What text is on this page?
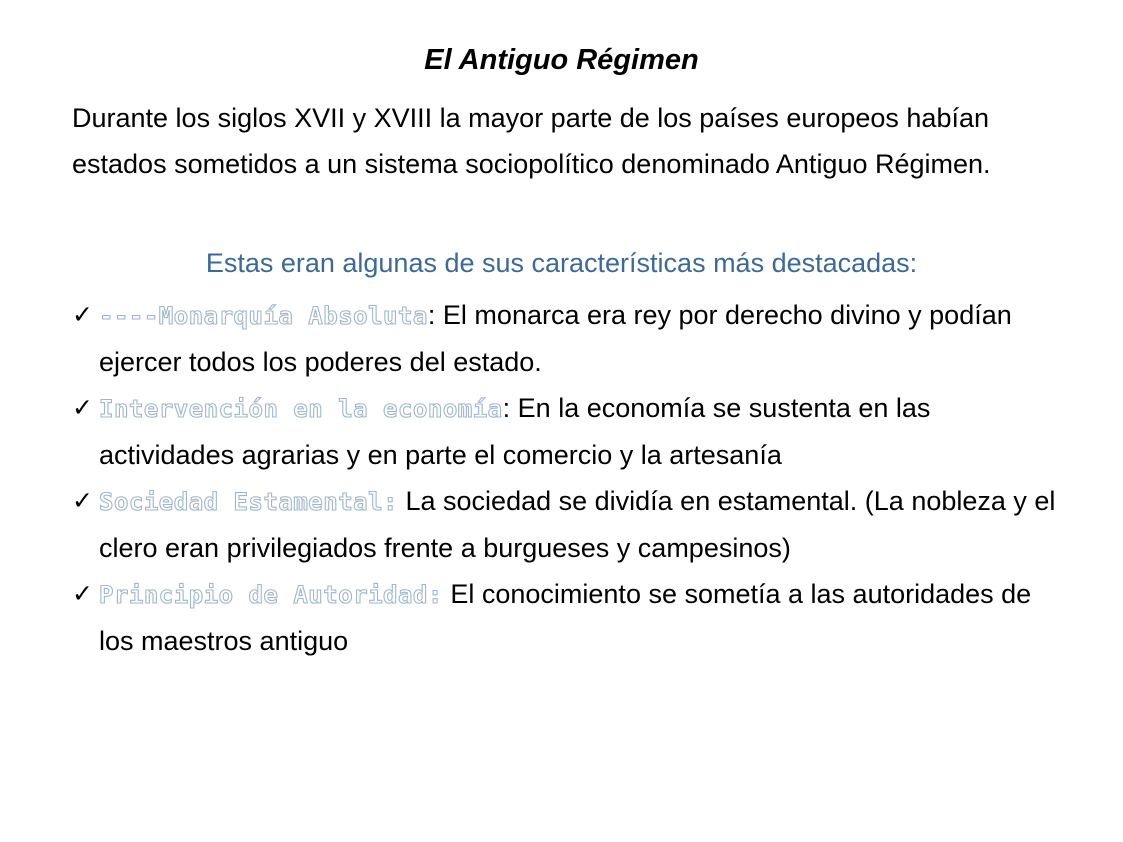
El Antiguo Régimen

Durante los siglos XVII y XVIII la mayor parte de los países europeos habían estados sometidos a un sistema sociopolítico denominado Antiguo Régimen.

Estas eran algunas de sus características más destacadas:

✓ ----Monarquía Absoluta: El monarca era rey por derecho divino y podían ejercer todos los poderes del estado.
✓ Intervención en la economía: En la economía se sustenta en las actividades agrarias y en parte el comercio y la artesanía
✓ Sociedad Estamental: La sociedad se dividía en estamental. (La nobleza y el clero eran privilegiados frente a burgueses y campesinos)
✓ Principio de Autoridad: El conocimiento se sometía a las autoridades de los maestros antiguo
